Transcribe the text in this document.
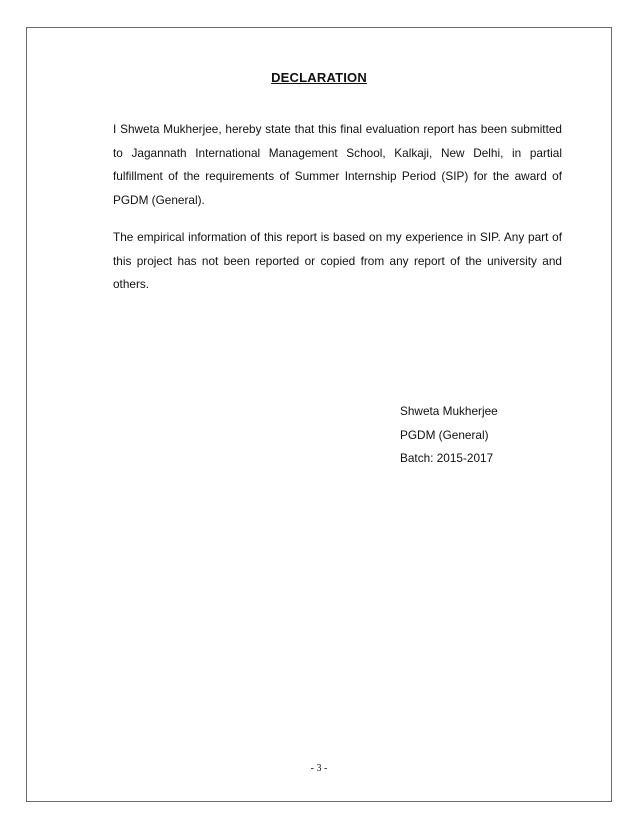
DECLARATION

I Shweta Mukherjee, hereby state that this final evaluation report has been submitted to Jagannath International Management School, Kalkaji, New Delhi, in partial fulfillment of the requirements of Summer Internship Period (SIP) for the award of PGDM (General).

The empirical information of this report is based on my experience in SIP. Any part of this project has not been reported or copied from any report of the university and others.

Shweta Mukherjee
PGDM (General)
Batch: 2015-2017
- 3 -
